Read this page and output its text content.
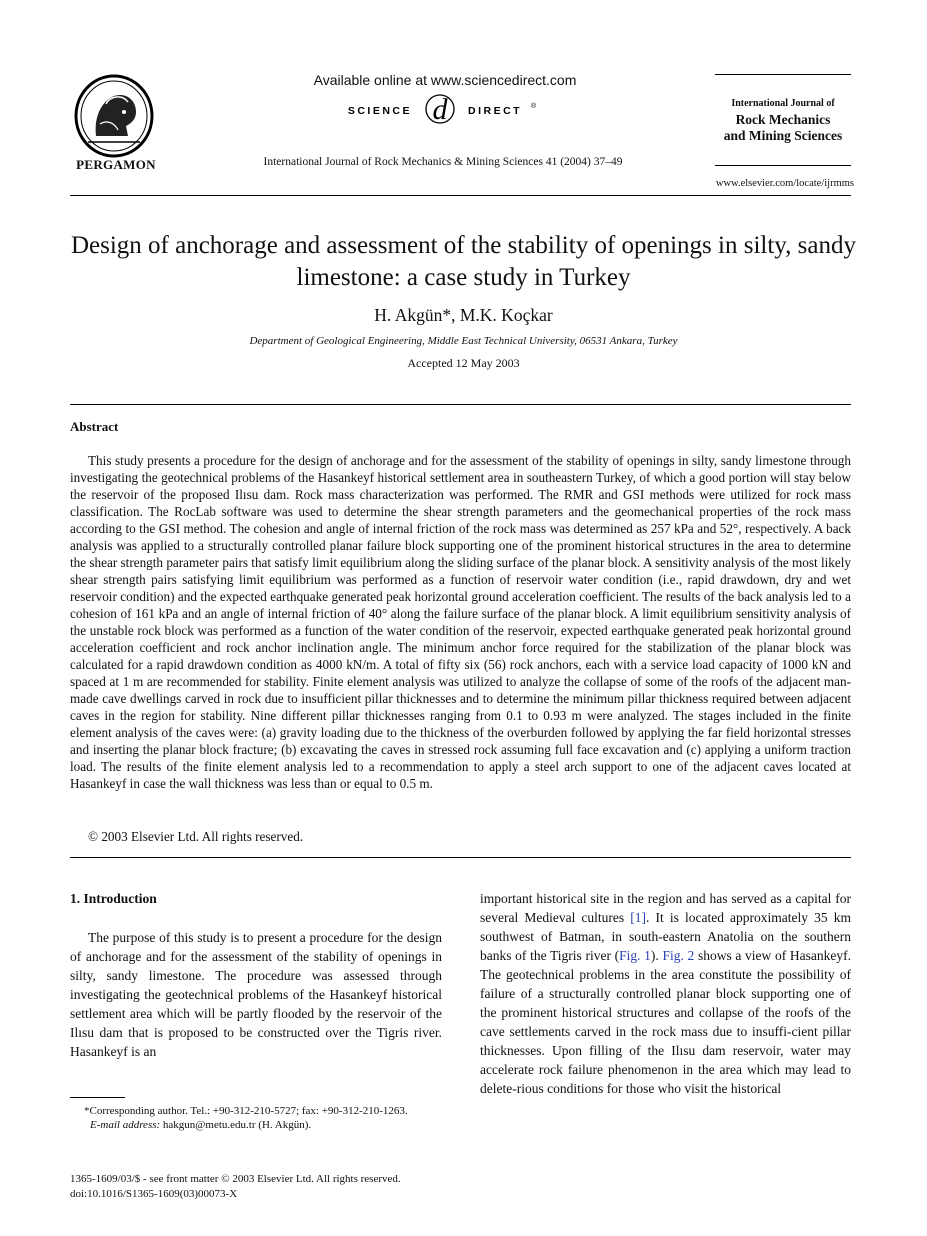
PERGAMON
Available online at www.sciencedirect.com
SCIENCE d DIRECT ®
International Journal of Rock Mechanics & Mining Sciences 41 (2004) 37–49
International Journal of
Rock Mechanics
and Mining Sciences
www.elsevier.com/locate/ijrmms
Design of anchorage and assessment of the stability of openings in silty, sandy limestone: a case study in Turkey
H. Akgün*, M.K. Koçkar
Department of Geological Engineering, Middle East Technical University, 06531 Ankara, Turkey
Accepted 12 May 2003
Abstract
This study presents a procedure for the design of anchorage and for the assessment of the stability of openings in silty, sandy limestone through investigating the geotechnical problems of the Hasankeyf historical settlement area in southeastern Turkey, of which a good portion will stay below the reservoir of the proposed Ilısu dam. Rock mass characterization was performed. The RMR and GSI methods were utilized for rock mass classification. The RocLab software was used to determine the shear strength parameters and the geomechanical properties of the rock mass according to the GSI method. The cohesion and angle of internal friction of the rock mass was determined as 257 kPa and 52°, respectively. A back analysis was applied to a structurally controlled planar failure block supporting one of the prominent historical structures in the area to determine the shear strength parameter pairs that satisfy limit equilibrium along the sliding surface of the planar block. A sensitivity analysis of the most likely shear strength pairs satisfying limit equilibrium was performed as a function of reservoir water condition (i.e., rapid drawdown, dry and wet reservoir condition) and the expected earthquake generated peak horizontal ground acceleration coefficient. The results of the back analysis led to a cohesion of 161 kPa and an angle of internal friction of 40° along the failure surface of the planar block. A limit equilibrium sensitivity analysis of the unstable rock block was performed as a function of the water condition of the reservoir, expected earthquake generated peak horizontal ground acceleration coefficient and rock anchor inclination angle. The minimum anchor force required for the stabilization of the planar block was calculated for a rapid drawdown condition as 4000 kN/m. A total of fifty six (56) rock anchors, each with a service load capacity of 1000 kN and spaced at 1 m are recommended for stability. Finite element analysis was utilized to analyze the collapse of some of the roofs of the adjacent man-made cave dwellings carved in rock due to insufficient pillar thicknesses and to determine the minimum pillar thickness required between adjacent caves in the region for stability. Nine different pillar thicknesses ranging from 0.1 to 0.93 m were analyzed. The stages included in the finite element analysis of the caves were: (a) gravity loading due to the thickness of the overburden followed by applying the far field horizontal stresses and inserting the planar block fracture; (b) excavating the caves in stressed rock assuming full face excavation and (c) applying a uniform traction load. The results of the finite element analysis led to a recommendation to apply a steel arch support to one of the adjacent caves located at Hasankeyf in case the wall thickness was less than or equal to 0.5 m.
© 2003 Elsevier Ltd. All rights reserved.
1. Introduction
The purpose of this study is to present a procedure for the design of anchorage and for the assessment of the stability of openings in silty, sandy limestone. The procedure was assessed through investigating the geotechnical problems of the Hasankeyf historical settlement area which will be partly flooded by the reservoir of the Ilısu dam that is proposed to be constructed over the Tigris river. Hasankeyf is an
important historical site in the region and has served as a capital for several Medieval cultures [1]. It is located approximately 35 km southwest of Batman, in south-eastern Anatolia on the southern banks of the Tigris river (Fig. 1). Fig. 2 shows a view of Hasankeyf. The geotechnical problems in the area constitute the possibility of failure of a structurally controlled planar block supporting one of the prominent historical structures and collapse of the roofs of the cave settlements carved in the rock mass due to insuffi-cient pillar thicknesses. Upon filling of the Ilısu dam reservoir, water may accelerate rock failure phenomenon in the area which may lead to delete-rious conditions for those who visit the historical
*Corresponding author. Tel.: +90-312-210-5727; fax: +90-312-210-1263.
E-mail address: hakgun@metu.edu.tr (H. Akgün).
1365-1609/03/$ - see front matter © 2003 Elsevier Ltd. All rights reserved.
doi:10.1016/S1365-1609(03)00073-X
